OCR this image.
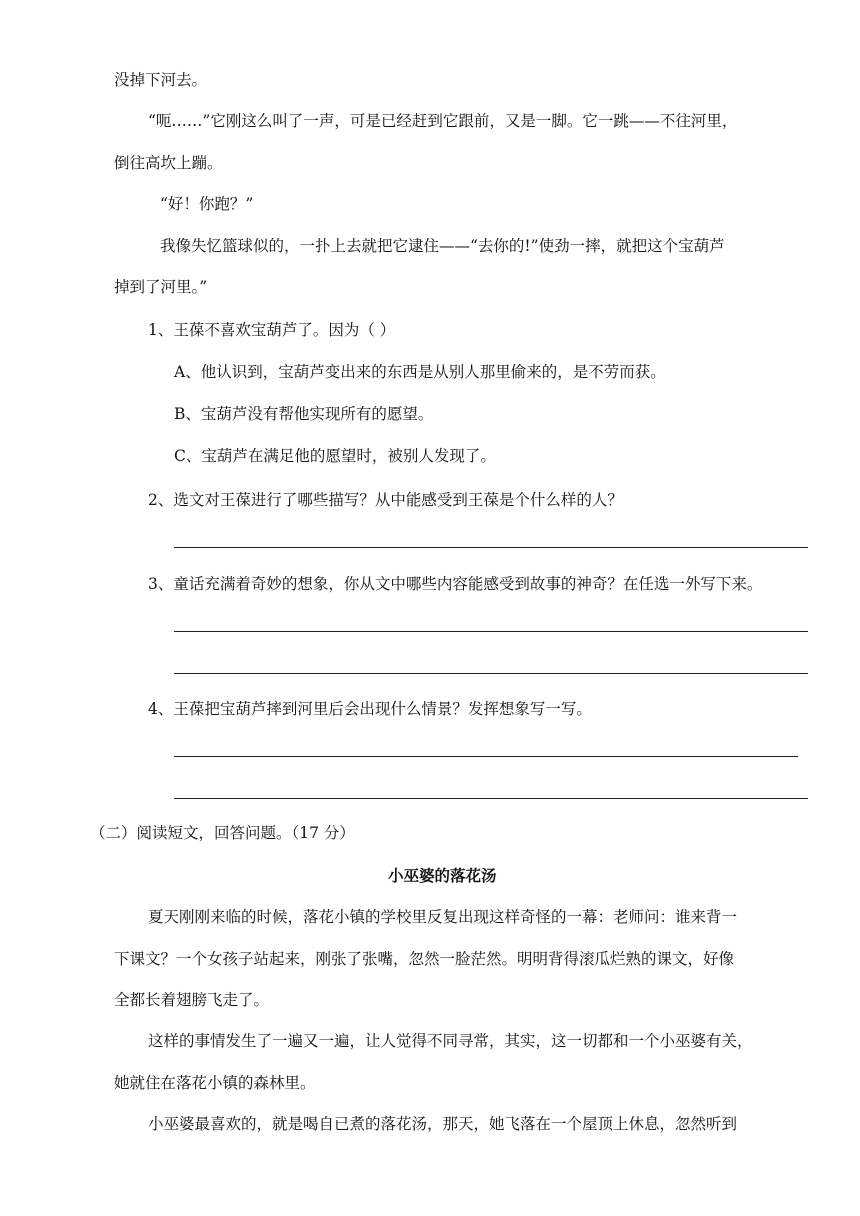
没掉下河去。
“呃……”它刚这么叫了一声，可是已经赶到它跟前，又是一脚。它一跳——不往河里，
倒往高坎上蹦。
“好！你跑？”
我像失忆篮球似的，一扑上去就把它逮住——“去你的!”使劲一摔，就把这个宝葫芦
掉到了河里。”
1、王葆不喜欢宝葫芦了。因为（ ）
A、他认识到，宝葫芦变出来的东西是从别人那里偷来的，是不劳而获。
B、宝葫芦没有帮他实现所有的愿望。
C、宝葫芦在满足他的愿望时，被别人发现了。
2、选文对王葆进行了哪些描写？从中能感受到王葆是个什么样的人？
3、童话充满着奇妙的想象，你从文中哪些内容能感受到故事的神奇？在任选一外写下来。
4、王葆把宝葫芦摔到河里后会出现什么情景？发挥想象写一写。
（二）阅读短文，回答问题。（17 分）
小巫婆的落花汤
夏天刚刚来临的时候，落花小镇的学校里反复出现这样奇怪的一幕：老师问：谁来背一
下课文？一个女孩子站起来，刚张了张嘴，忽然一脸茫然。明明背得滚瓜烂熟的课文，好像
全都长着翅膀飞走了。
这样的事情发生了一遍又一遍，让人觉得不同寻常，其实，这一切都和一个小巫婆有关，
她就住在落花小镇的森林里。
小巫婆最喜欢的，就是喝自已煮的落花汤，那天，她飞落在一个屋顶上休息，忽然听到
